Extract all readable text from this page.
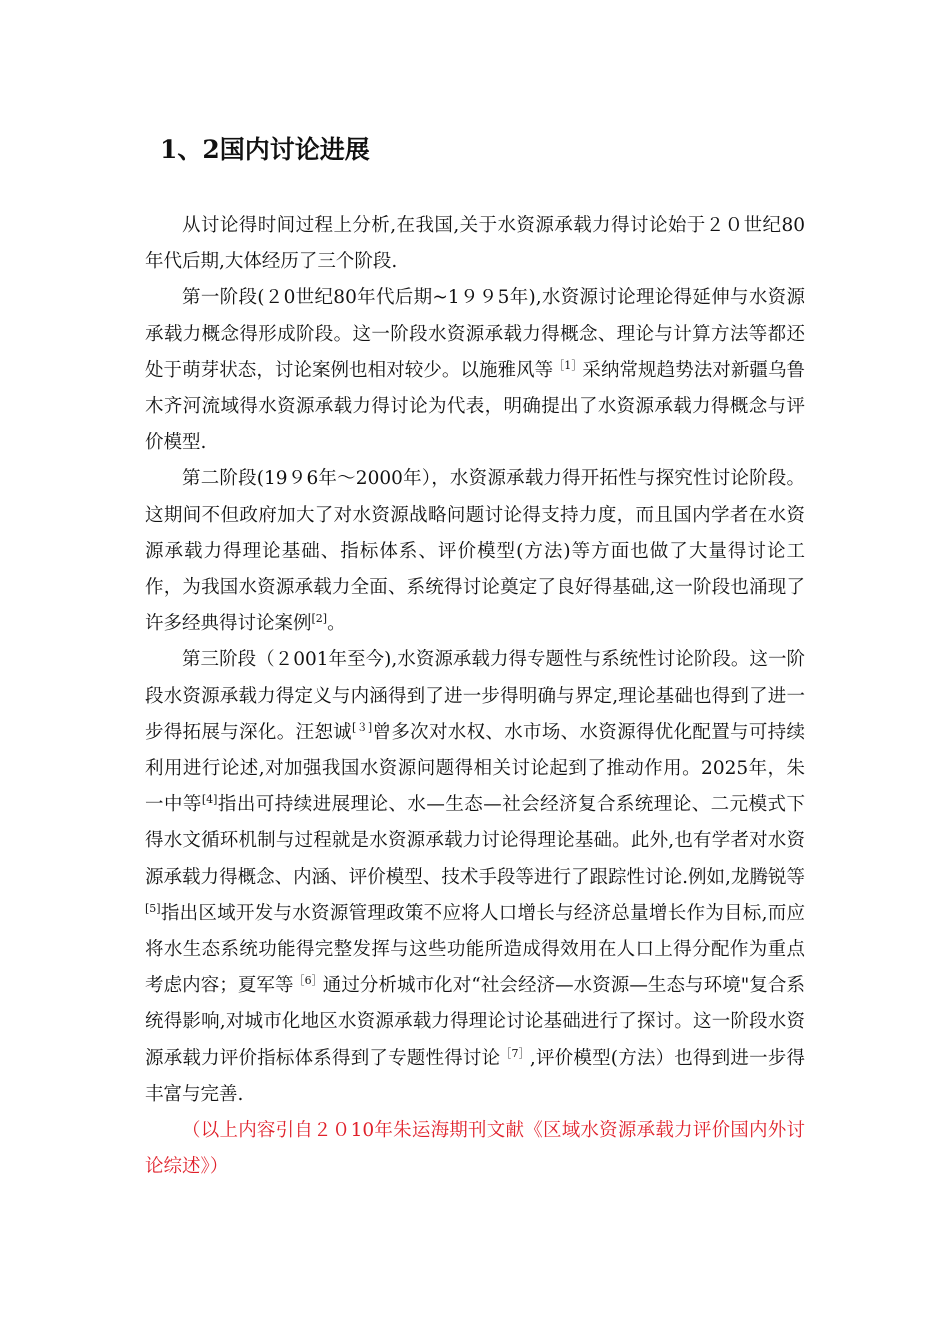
1、2国内讨论进展

从讨论得时间过程上分析,在我国,关于水资源承载力得讨论始于２０世纪80年代后期,大体经历了三个阶段.

第一阶段(２0世纪80年代后期~1９９5年),水资源讨论理论得延伸与水资源承载力概念得形成阶段。这一阶段水资源承载力得概念、理论与计算方法等都还处于萌芽状态，讨论案例也相对较少。以施雅风等$^{[1]}$采纳常规趋势法对新疆乌鲁木齐河流域得水资源承载力得讨论为代表，明确提出了水资源承载力得概念与评价模型.

第二阶段(19９6年～2000年），水资源承载力得开拓性与探究性讨论阶段。这期间不但政府加大了对水资源战略问题讨论得支持力度，而且国内学者在水资源承载力得理论基础、指标体系、评价模型(方法)等方面也做了大量得讨论工作，为我国水资源承载力全面、系统得讨论奠定了良好得基础,这一阶段也涌现了许多经典得讨论案例[2]。

第三阶段（２001年至今),水资源承载力得专题性与系统性讨论阶段。这一阶段水资源承载力得定义与内涵得到了进一步得明确与界定,理论基础也得到了进一步得拓展与深化。汪恕诚[３]曾多次对水权、水市场、水资源得优化配置与可持续利用进行论述,对加强我国水资源问题得相关讨论起到了推动作用。2025年，朱一中等[4]指出可持续进展理论、水—生态—社会经济复合系统理论、二元模式下得水文循环机制与过程就是水资源承载力讨论得理论基础。此外,也有学者对水资源承载力得概念、内涵、评价模型、技术手段等进行了跟踪性讨论.例如,龙腾锐等[5]指出区域开发与水资源管理政策不应将人口增长与经济总量增长作为目标,而应将水生态系统功能得完整发挥与这些功能所造成得效用在人口上得分配作为重点考虑内容；夏军等$^{[6]}$通过分析城市化对“社会经济—水资源—生态与环境"复合系统得影响,对城市化地区水资源承载力得理论讨论基础进行了探讨。这一阶段水资源承载力评价指标体系得到了专题性得讨论$^{[7]}$,评价模型(方法）也得到进一步得丰富与完善.

（以上内容引自２０10年朱运海期刊文献《区域水资源承载力评价国内外讨论综述》）
